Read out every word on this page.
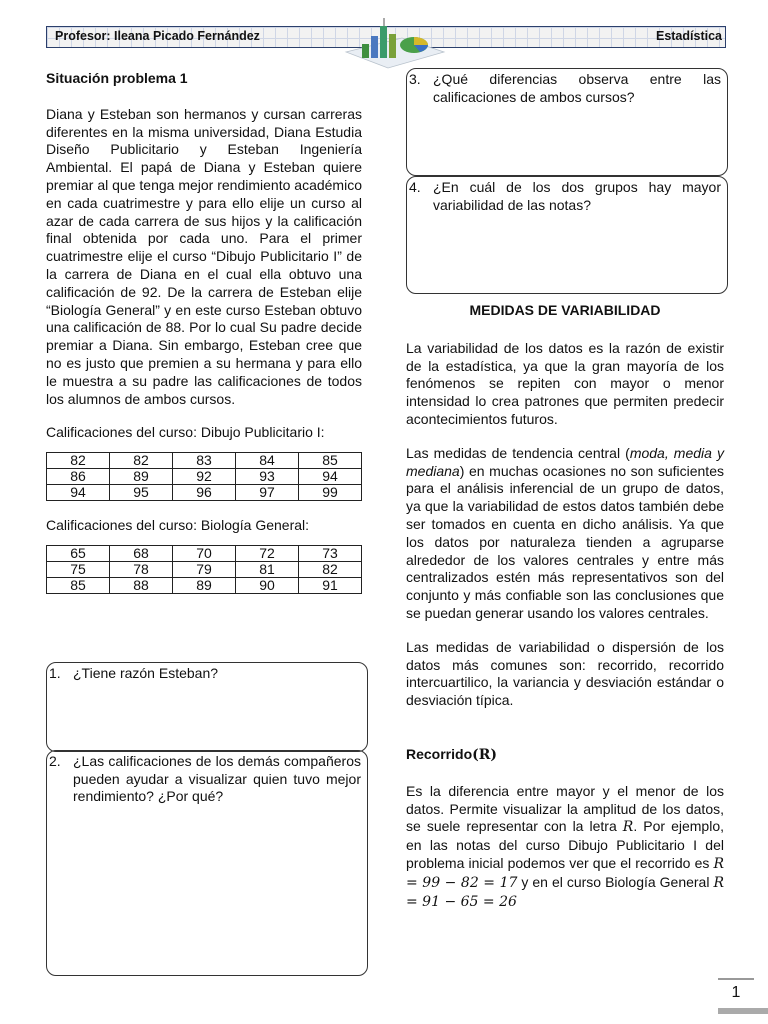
Profesor: Ileana Picado Fernández	Estadística

Situación problema 1

Diana y Esteban son hermanos y cursan carreras diferentes en la misma universidad, Diana Estudia Diseño Publicitario y Esteban Ingeniería Ambiental. El papá de Diana y Esteban quiere premiar al que tenga mejor rendimiento académico en cada cuatrimestre y para ello elije un curso al azar de cada carrera de sus hijos y la calificación final obtenida por cada uno. Para el primer cuatrimestre elije el curso “Dibujo Publicitario I” de la carrera de Diana en el cual ella obtuvo una calificación de 92. De la carrera de Esteban elije “Biología General” y en este curso Esteban obtuvo una calificación de 88. Por lo cual Su padre decide premiar a Diana. Sin embargo, Esteban cree que no es justo que premien a su hermana y para ello le muestra a su padre las calificaciones de todos los alumnos de ambos cursos.

Calificaciones del curso: Dibujo Publicitario I:

82	82	83	84	85
86	89	92	93	94
94	95	96	97	99

Calificaciones del curso: Biología General:

65	68	70	72	73
75	78	79	81	82
85	88	89	90	91
1. ¿Tiene razón Esteban?
2. ¿Las calificaciones de los demás compañeros pueden ayudar a visualizar quien tuvo mejor rendimiento? ¿Por qué?
3. ¿Qué diferencias observa entre las calificaciones de ambos cursos?
4. ¿En cuál de los dos grupos hay mayor variabilidad de las notas?

MEDIDAS DE VARIABILIDAD

La variabilidad de los datos es la razón de existir de la estadística, ya que la gran mayoría de los fenómenos se repiten con mayor o menor intensidad lo crea patrones que permiten predecir acontecimientos futuros.

Las medidas de tendencia central (moda, media y mediana) en muchas ocasiones no son suficientes para el análisis inferencial de un grupo de datos, ya que la variabilidad de estos datos también debe ser tomados en cuenta en dicho análisis. Ya que los datos por naturaleza tienden a agruparse alrededor de los valores centrales y entre más centralizados estén más representativos son del conjunto y más confiable son las conclusiones que se puedan generar usando los valores centrales.

Las medidas de variabilidad o dispersión de los datos más comunes son: recorrido, recorrido intercuartilico, la variancia y desviación estándar o desviación típica.

Recorrido(R)

Es la diferencia entre mayor y el menor de los datos. Permite visualizar la amplitud de los datos, se suele representar con la letra R. Por ejemplo, en las notas del curso Dibujo Publicitario I del problema inicial podemos ver que el recorrido es R = 99 − 82 = 17 y en el curso Biología General R = 91 − 65 = 26

1
